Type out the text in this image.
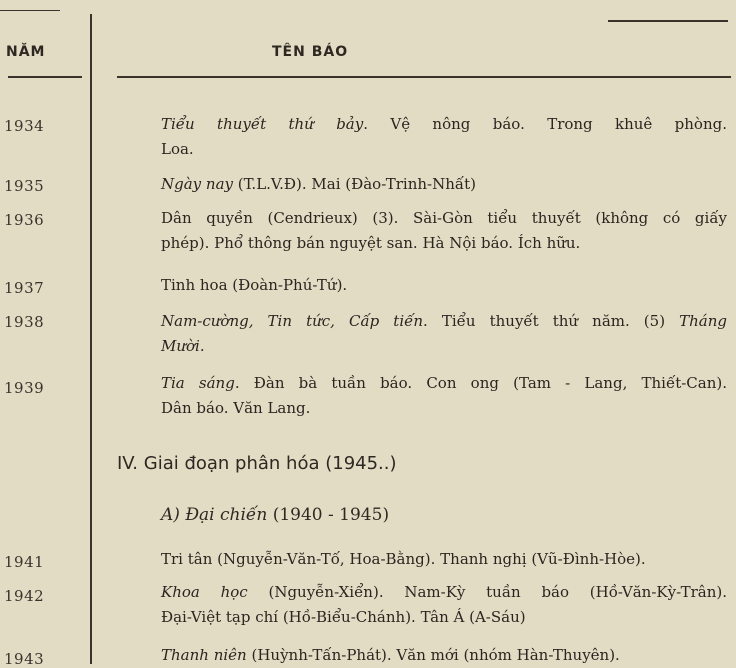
NĂM	TÊN BÁO
1934
1935
1936
1937
1938
1939
1941
1942
1943
Tiểu thuyết thứ bảy. Vệ nông báo. Trong khuê phòng.
Loa.
Ngày nay (T.L.V.Đ). Mai (Đào-Trinh-Nhất)
Dân quyền (Cendrieux) (3). Sài-Gòn tiểu thuyết (không có giấy
phép). Phổ thông bán nguyệt san. Hà Nội báo. Ích hữu.
Tinh hoa (Đoàn-Phú-Tứ).
Nam-cường, Tin tức, Cấp tiến. Tiểu thuyết thứ năm. (5) Tháng
Mười.
Tia sáng. Đàn bà tuần báo. Con ong (Tam - Lang, Thiết-Can).
Dân báo. Văn Lang.
IV. Giai đoạn phân hóa (1945..)
A) Đại chiến (1940 - 1945)
Tri tân (Nguyễn-Văn-Tố, Hoa-Bằng). Thanh nghị (Vũ-Đình-Hòe).
Khoa học (Nguyễn-Xiển). Nam-Kỳ tuần báo (Hồ-Văn-Kỳ-Trân).
Đại-Việt tạp chí (Hồ-Biểu-Chánh). Tân Á (A-Sáu)
Thanh niên (Huỳnh-Tấn-Phát). Văn mới (nhóm Hàn-Thuyên).
